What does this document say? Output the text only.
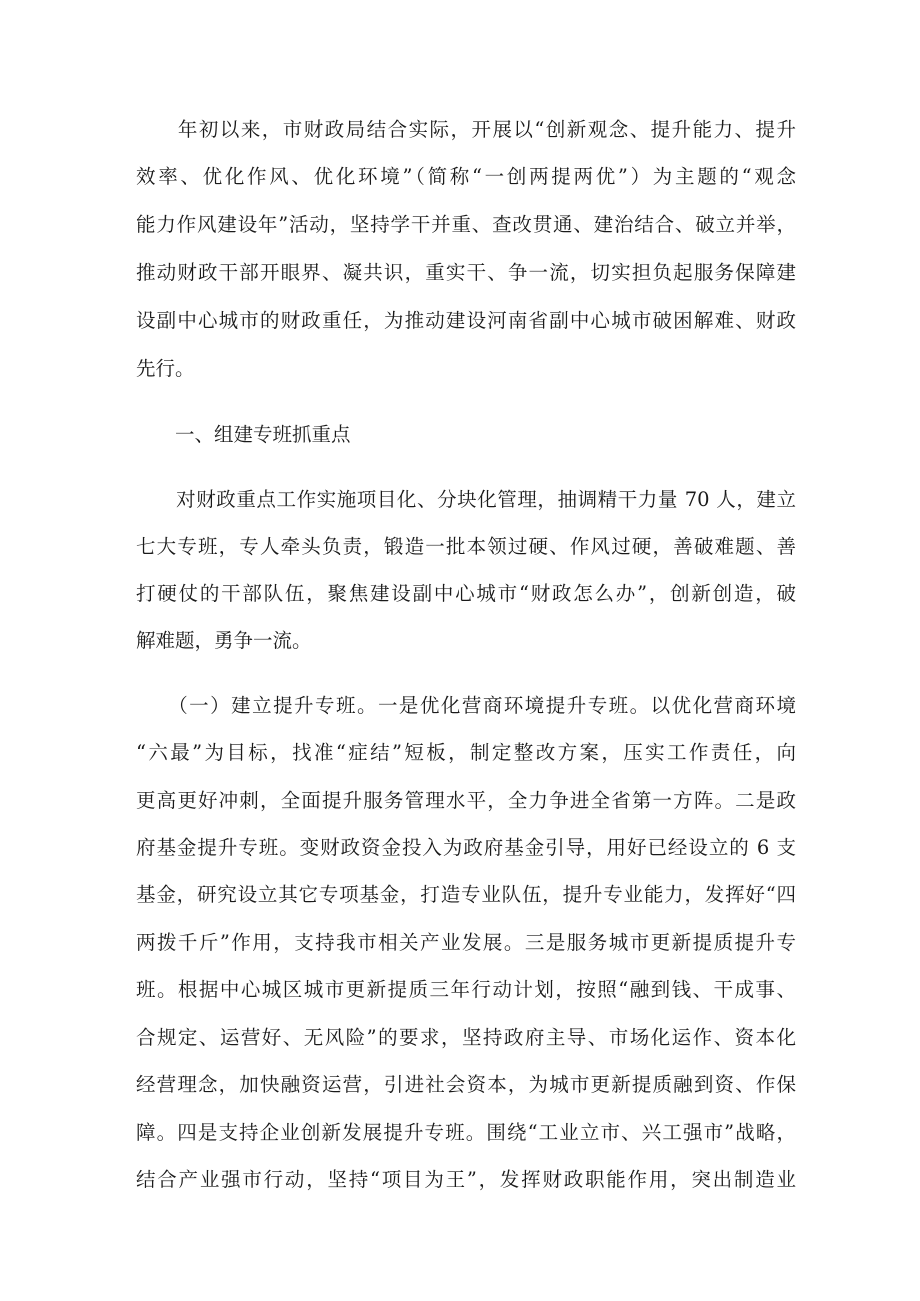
　　年初以来，市财政局结合实际，开展以“创新观念、提升能力、提升
效率、优化作风、优化环境”（简称“一创两提两优”）为主题的“观念
能力作风建设年”活动，坚持学干并重、查改贯通、建治结合、破立并举，
推动财政干部开眼界、凝共识，重实干、争一流，切实担负起服务保障建
设副中心城市的财政重任，为推动建设河南省副中心城市破困解难、财政
先行。
　　一、组建专班抓重点
　　对财政重点工作实施项目化、分块化管理，抽调精干力量 70 人，建立
七大专班，专人牵头负责，锻造一批本领过硬、作风过硬，善破难题、善
打硬仗的干部队伍，聚焦建设副中心城市“财政怎么办”，创新创造，破
解难题，勇争一流。
　　（一）建立提升专班。一是优化营商环境提升专班。以优化营商环境
“六最”为目标，找准“症结”短板，制定整改方案，压实工作责任，向
更高更好冲刺，全面提升服务管理水平，全力争进全省第一方阵。二是政
府基金提升专班。变财政资金投入为政府基金引导，用好已经设立的 6 支
基金，研究设立其它专项基金，打造专业队伍，提升专业能力，发挥好“四
两拨千斤”作用，支持我市相关产业发展。三是服务城市更新提质提升专
班。根据中心城区城市更新提质三年行动计划，按照“融到钱、干成事、
合规定、运营好、无风险”的要求，坚持政府主导、市场化运作、资本化
经营理念，加快融资运营，引进社会资本，为城市更新提质融到资、作保
障。四是支持企业创新发展提升专班。围绕“工业立市、兴工强市”战略，
结合产业强市行动，坚持“项目为王”，发挥财政职能作用，突出制造业
